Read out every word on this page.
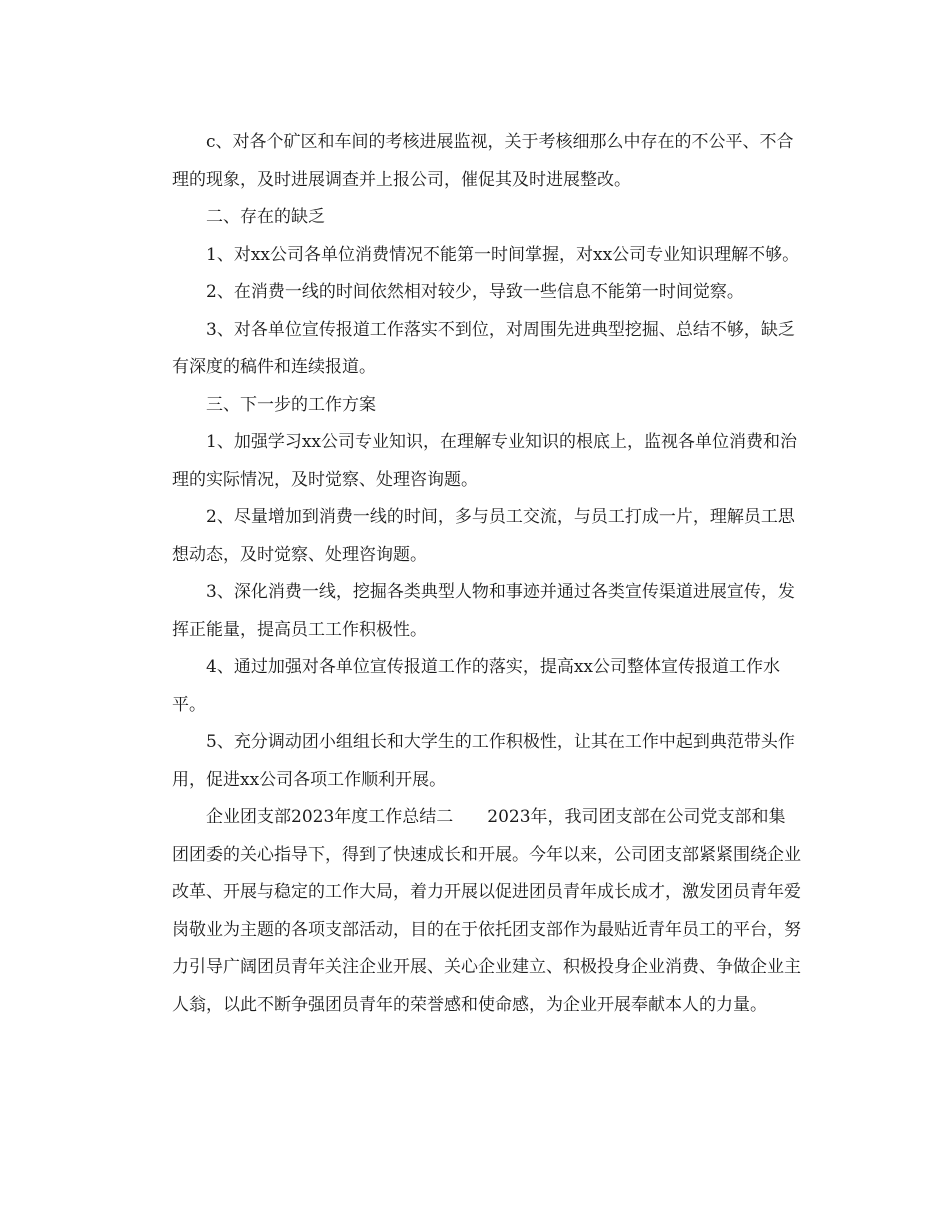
　　c、对各个矿区和车间的考核进展监视，关于考核细那么中存在的不公平、不合理的现象，及时进展调查并上报公司，催促其及时进展整改。

　　二、存在的缺乏

　　1、对xx公司各单位消费情况不能第一时间掌握，对xx公司专业知识理解不够。

　　2、在消费一线的时间依然相对较少，导致一些信息不能第一时间觉察。

　　3、对各单位宣传报道工作落实不到位，对周围先进典型挖掘、总结不够，缺乏有深度的稿件和连续报道。

　　三、下一步的工作方案

　　1、加强学习xx公司专业知识，在理解专业知识的根底上，监视各单位消费和治理的实际情况，及时觉察、处理咨询题。

　　2、尽量增加到消费一线的时间，多与员工交流，与员工打成一片，理解员工思想动态，及时觉察、处理咨询题。

　　3、深化消费一线，挖掘各类典型人物和事迹并通过各类宣传渠道进展宣传，发挥正能量，提高员工工作积极性。

　　4、通过加强对各单位宣传报道工作的落实，提高xx公司整体宣传报道工作水平。

　　5、充分调动团小组组长和大学生的工作积极性，让其在工作中起到典范带头作用，促进xx公司各项工作顺利开展。

　　企业团支部2023年度工作总结二　　2023年，我司团支部在公司党支部和集团团委的关心指导下，得到了快速成长和开展。今年以来，公司团支部紧紧围绕企业改革、开展与稳定的工作大局，着力开展以促进团员青年成长成才，激发团员青年爱岗敬业为主题的各项支部活动，目的在于依托团支部作为最贴近青年员工的平台，努力引导广阔团员青年关注企业开展、关心企业建立、积极投身企业消费、争做企业主人翁，以此不断争强团员青年的荣誉感和使命感，为企业开展奉献本人的力量。
